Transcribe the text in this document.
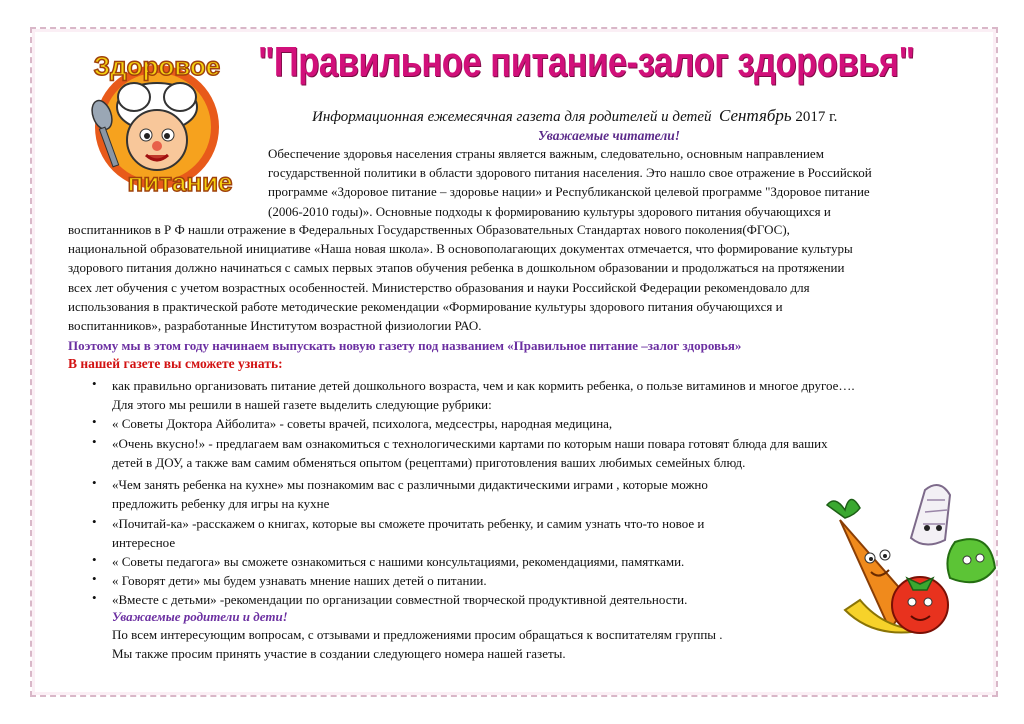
Здоровое
питание
"Правильное питание-залог здоровья"
Информационная ежемесячная газета для родителей и детей Сентябрь 2017 г.
Уважаемые читатели!
Обеспечение здоровья населения страны является важным, следовательно, основным направлением
государственной политики в области здорового питания населения. Это нашло свое отражение в Российской
программе «Здоровое питание – здоровье нации» и Республиканской целевой программе "Здоровое питание
(2006-2010 годы)». Основные подходы к формированию культуры здорового питания обучающихся и
воспитанников в Р Ф нашли отражение в Федеральных Государственных Образовательных Стандартах нового поколения(ФГОС),
национальной образовательной инициативе «Наша новая школа». В основополагающих документах отмечается, что формирование культуры
здорового питания должно начинаться с самых первых этапов обучения ребенка в дошкольном образовании и продолжаться на протяжении
всех лет обучения с учетом возрастных особенностей. Министерство образования и науки Российской Федерации рекомендовало для
использования в практической работе методические рекомендации «Формирование культуры здорового питания обучающихся и
воспитанников», разработанные Институтом возрастной физиологии РАО.
Поэтому мы в этом году начинаем выпускать новую газету под названием «Правильное питание –залог здоровья»
В нашей газете вы сможете узнать:
• как правильно организовать питание детей дошкольного возраста, чем и как кормить ребенка, о пользе витаминов и многое другое….
Для этого мы решили в нашей газете выделить следующие рубрики:
• « Советы Доктора Айболита» - советы врачей, психолога, медсестры, народная медицина,
• «Очень вкусно!» - предлагаем вам ознакомиться с технологическими картами по которым наши повара готовят блюда для ваших
детей в ДОУ, а также вам самим обменяться опытом (рецептами) приготовления ваших любимых семейных блюд.
• «Чем занять ребенка на кухне» мы познакомим вас с различными дидактическими играми , которые можно
предложить ребенку для игры на кухне
• «Почитай-ка» -расскажем о книгах, которые вы сможете прочитать ребенку, и самим узнать что-то новое и
интересное
• « Советы педагога» вы сможете ознакомиться с нашими консультациями, рекомендациями, памятками.
• « Говорят дети» мы будем узнавать мнение наших детей о питании.
• «Вместе с детьми» -рекомендации по организации совместной творческой продуктивной деятельности.
Уважаемые родители и дети!
По всем интересующим вопросам, с отзывами и предложениями просим обращаться к воспитателям группы .
Мы также просим принять участие в создании следующего номера нашей газеты.
